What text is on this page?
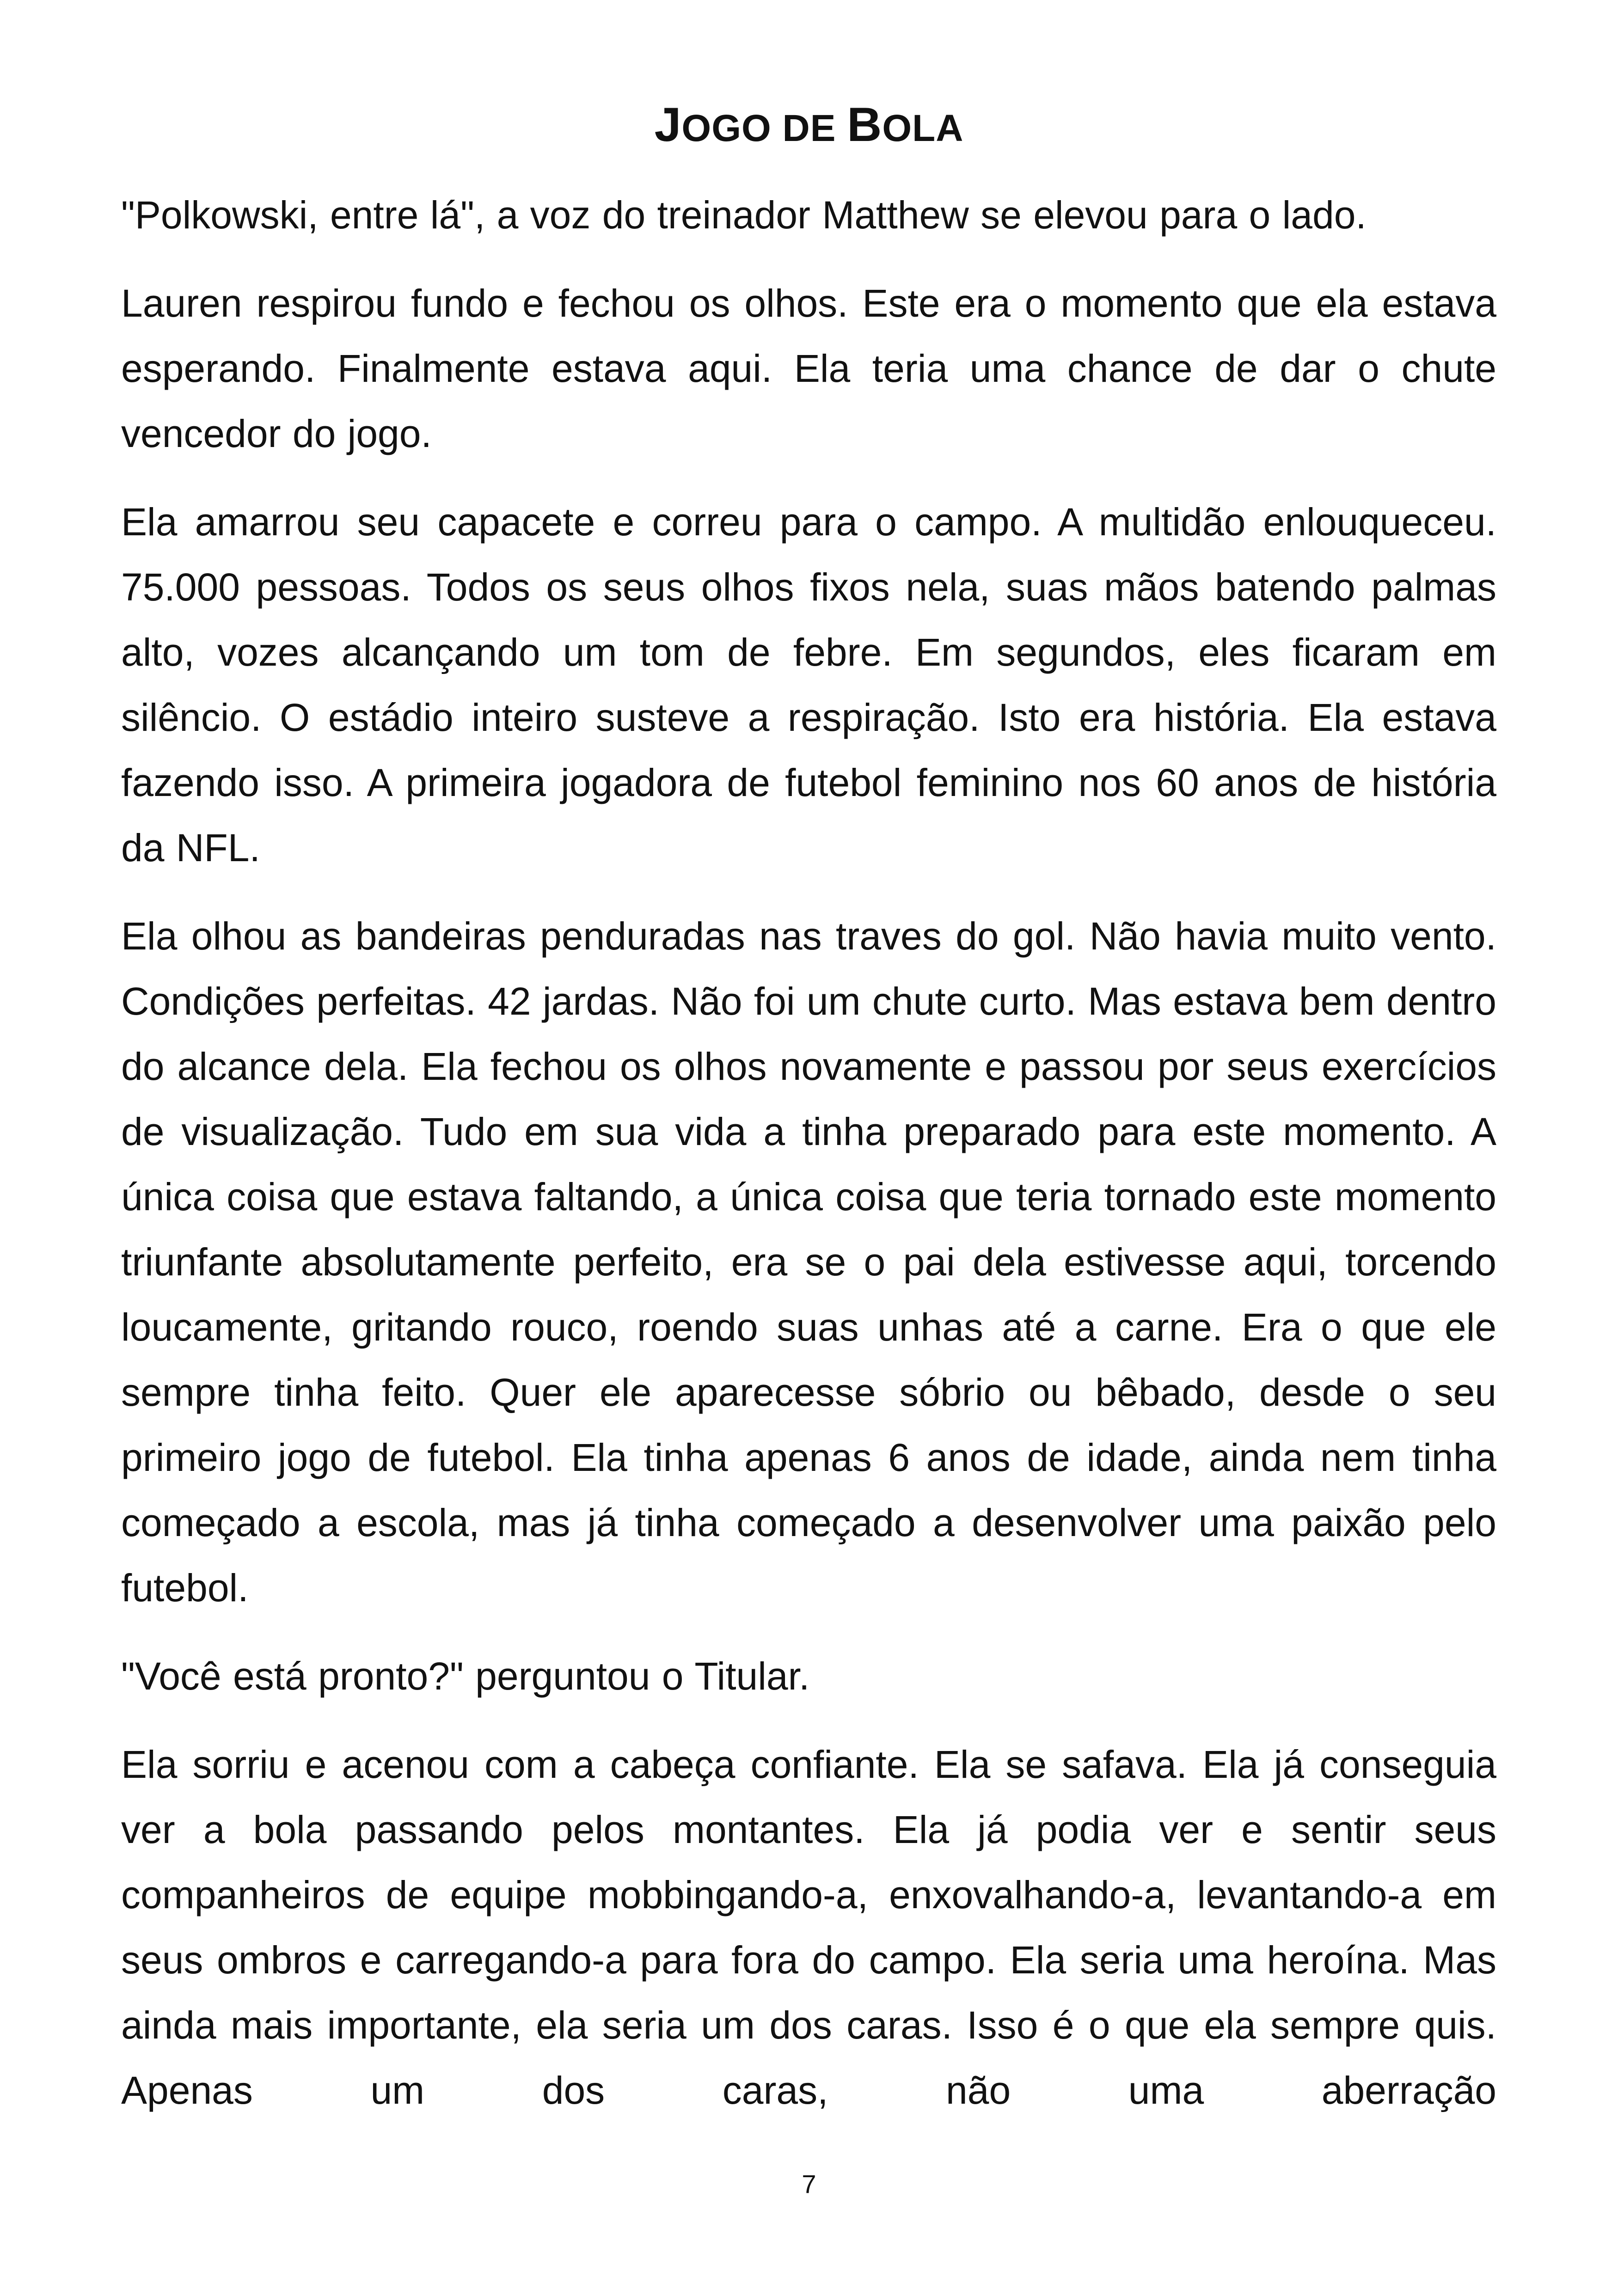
JOGO DE BOLA

"Polkowski, entre lá", a voz do treinador Matthew se elevou para o lado.

Lauren respirou fundo e fechou os olhos. Este era o momento que ela estava esperando. Finalmente estava aqui. Ela teria uma chance de dar o chute vencedor do jogo.

Ela amarrou seu capacete e correu para o campo. A multidão enlouqueceu. 75.000 pessoas. Todos os seus olhos fixos nela, suas mãos batendo palmas alto, vozes alcançando um tom de febre. Em segundos, eles ficaram em silêncio. O estádio inteiro susteve a respiração. Isto era história. Ela estava fazendo isso. A primeira jogadora de futebol feminino nos 60 anos de história da NFL.

Ela olhou as bandeiras penduradas nas traves do gol. Não havia muito vento. Condições perfeitas. 42 jardas. Não foi um chute curto. Mas estava bem dentro do alcance dela. Ela fechou os olhos novamente e passou por seus exercícios de visualização. Tudo em sua vida a tinha preparado para este momento. A única coisa que estava faltando, a única coisa que teria tornado este momento triunfante absolutamente perfeito, era se o pai dela estivesse aqui, torcendo loucamente, gritando rouco, roendo suas unhas até a carne. Era o que ele sempre tinha feito. Quer ele aparecesse sóbrio ou bêbado, desde o seu primeiro jogo de futebol. Ela tinha apenas 6 anos de idade, ainda nem tinha começado a escola, mas já tinha começado a desenvolver uma paixão pelo futebol.

"Você está pronto?" perguntou o Titular.

Ela sorriu e acenou com a cabeça confiante. Ela se safava. Ela já conseguia ver a bola passando pelos montantes. Ela já podia ver e sentir seus companheiros de equipe mobbingando-a, enxovalhando-a, levantando-a em seus ombros e carregando-a para fora do campo. Ela seria uma heroína. Mas ainda mais importante, ela seria um dos caras. Isso é o que ela sempre quis. Apenas um dos caras, não uma aberração

7
